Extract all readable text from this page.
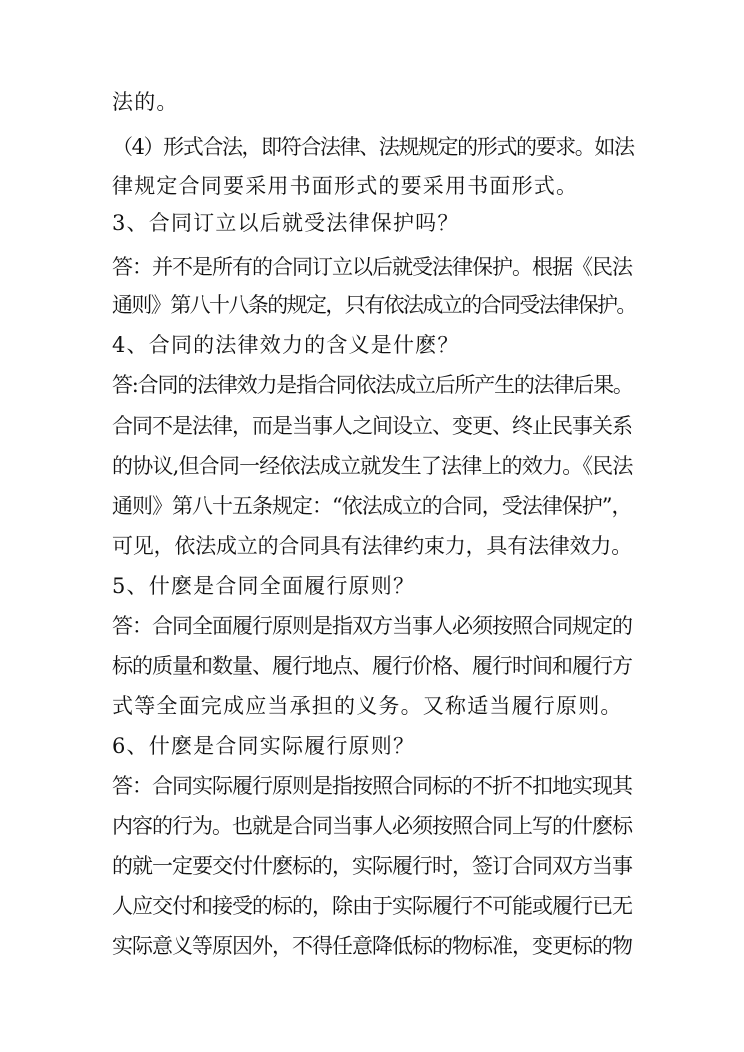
法的。
（4）形式合法，即符合法律、法规规定的形式的要求。如法
律规定合同要采用书面形式的要采用书面形式。
3、合同订立以后就受法律保护吗？
答：并不是所有的合同订立以后就受法律保护。根据《民法
通则》第八十八条的规定，只有依法成立的合同受法律保护。
4、合同的法律效力的含义是什麽？
答:合同的法律效力是指合同依法成立后所产生的法律后果。
合同不是法律，而是当事人之间设立、变更、终止民事关系
的协议,但合同一经依法成立就发生了法律上的效力。《民法
通则》第八十五条规定：“依法成立的合同，受法律保护”，
可见，依法成立的合同具有法律约束力，具有法律效力。
5、什麽是合同全面履行原则？
答：合同全面履行原则是指双方当事人必须按照合同规定的
标的质量和数量、履行地点、履行价格、履行时间和履行方
式等全面完成应当承担的义务。又称适当履行原则。
6、什麽是合同实际履行原则？
答：合同实际履行原则是指按照合同标的不折不扣地实现其
内容的行为。也就是合同当事人必须按照合同上写的什麽标
的就一定要交付什麽标的，实际履行时，签订合同双方当事
人应交付和接受的标的，除由于实际履行不可能或履行已无
实际意义等原因外，不得任意降低标的物标准，变更标的物
